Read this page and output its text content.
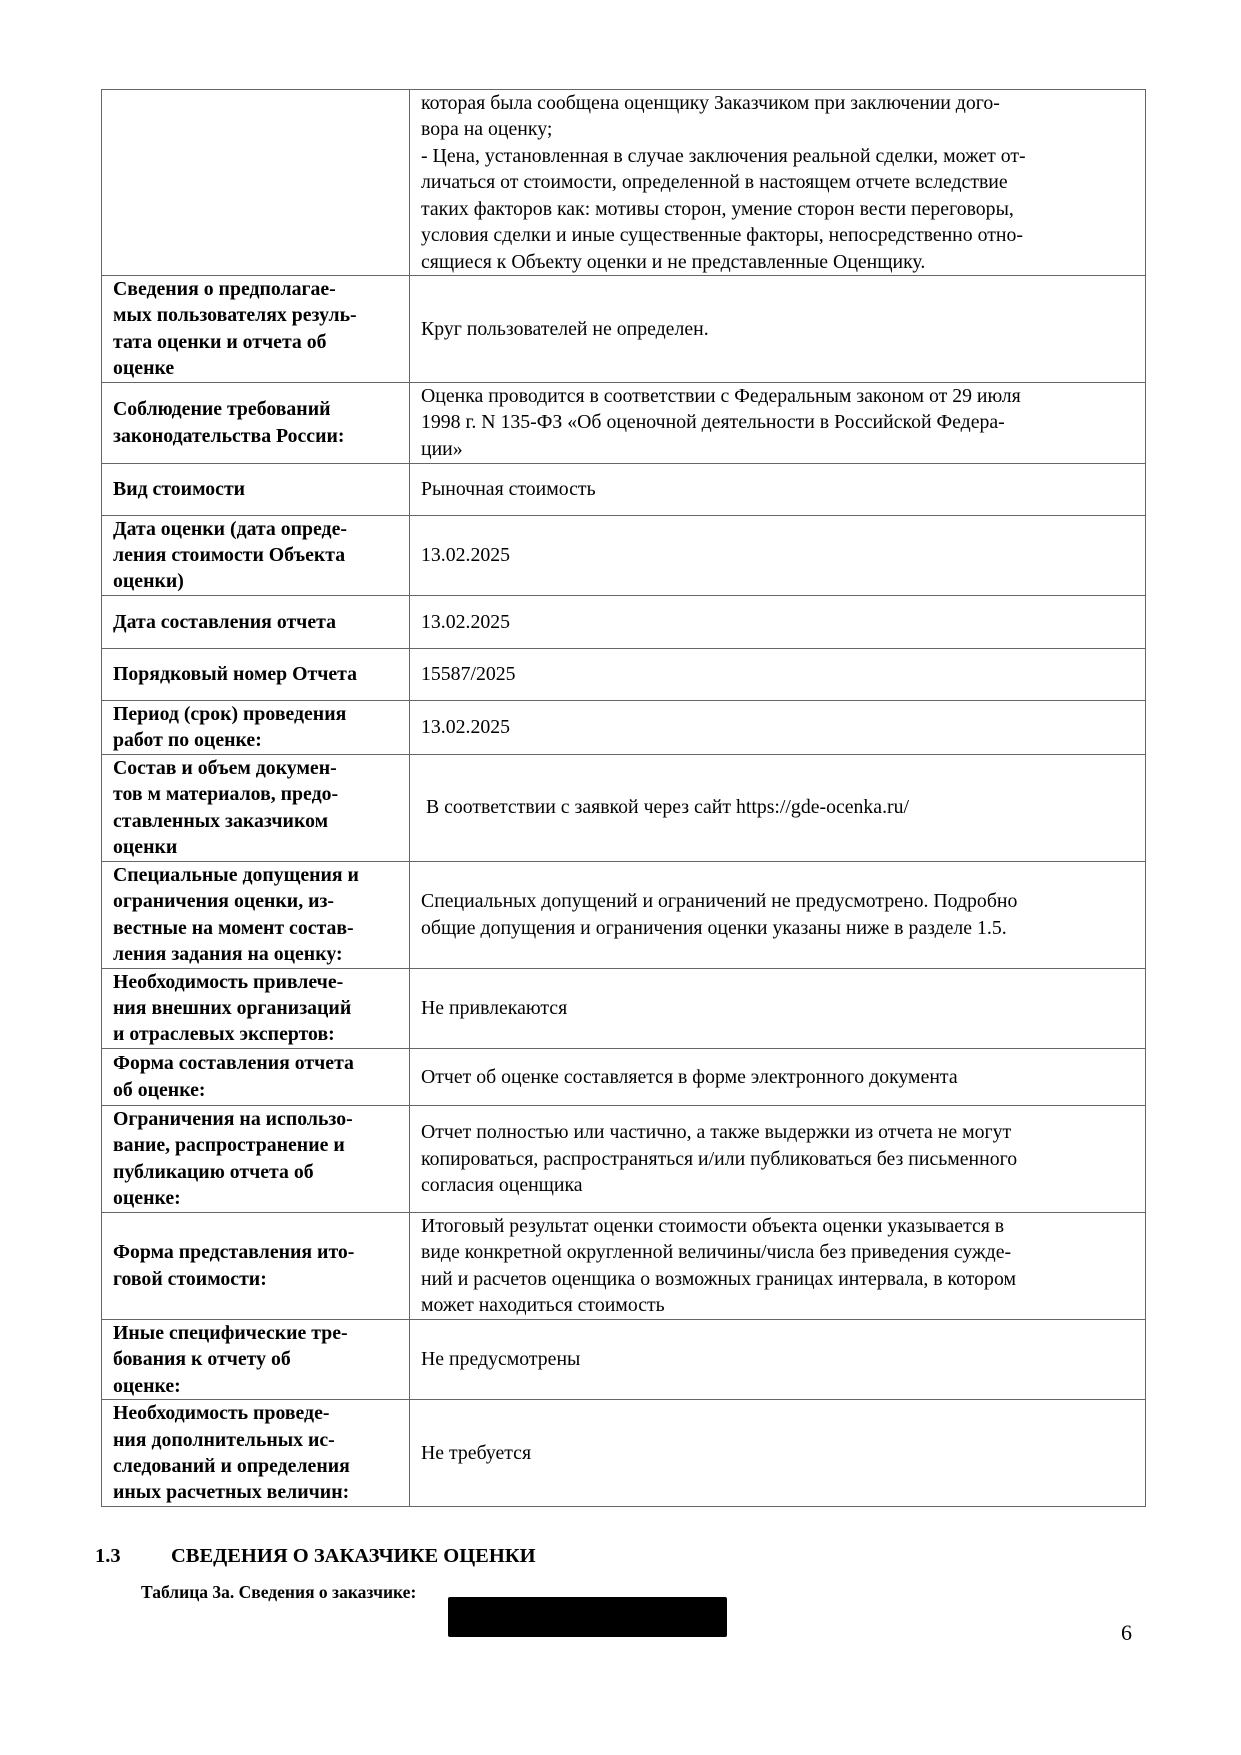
которая была сообщена оценщику Заказчиком при заключении дого-
вора на оценку;
- Цена, установленная в случае заключения реальной сделки, может от-
личаться от стоимости, определенной в настоящем отчете вследствие
таких факторов как: мотивы сторон, умение сторон вести переговоры,
условия сделки и иные существенные факторы, непосредственно отно-
сящиеся к Объекту оценки и не представленные Оценщику.

Сведения о предполагае-
мых пользователях резуль-
тата оценки и отчета об
оценке	Круг пользователей не определен.

Соблюдение требований
законодательства России:	Оценка проводится в соответствии с Федеральным законом от 29 июля
1998 г. N 135-ФЗ «Об оценочной деятельности в Российской Федера-
ции»

Вид стоимости	Рыночная стоимость

Дата оценки (дата опреде-
ления стоимости Объекта
оценки)	13.02.2025

Дата составления отчета	13.02.2025

Порядковый номер Отчета	15587/2025

Период (срок) проведения
работ по оценке:	13.02.2025

Состав и объем докумен-
тов м материалов, предо-
ставленных заказчиком
оценки	В соответствии с заявкой через сайт https://gde-ocenka.ru/

Специальные допущения и
ограничения оценки, из-
вестные на момент состав-
ления задания на оценку:	Специальных допущений и ограничений не предусмотрено. Подробно
общие допущения и ограничения оценки указаны ниже в разделе 1.5.

Необходимость привлече-
ния внешних организаций
и отраслевых экспертов:	Не привлекаются

Форма составления отчета
об оценке:	Отчет об оценке составляется в форме электронного документа

Ограничения на использо-
вание, распространение и
публикацию отчета об
оценке:	Отчет полностью или частично, а также выдержки из отчета не могут
копироваться, распространяться и/или публиковаться без письменного
согласия оценщика

Форма представления ито-
говой стоимости:	Итоговый результат оценки стоимости объекта оценки указывается в
виде конкретной округленной величины/числа без приведения сужде-
ний и расчетов оценщика о возможных границах интервала, в котором
может находиться стоимость

Иные специфические тре-
бования к отчету об
оценке:	Не предусмотрены

Необходимость проведе-
ния дополнительных ис-
следований и определения
иных расчетных величин:	Не требуется
1.3 СВЕДЕНИЯ О ЗАКАЗЧИКЕ ОЦЕНКИ
Таблица 3а. Сведения о заказчике:
6
